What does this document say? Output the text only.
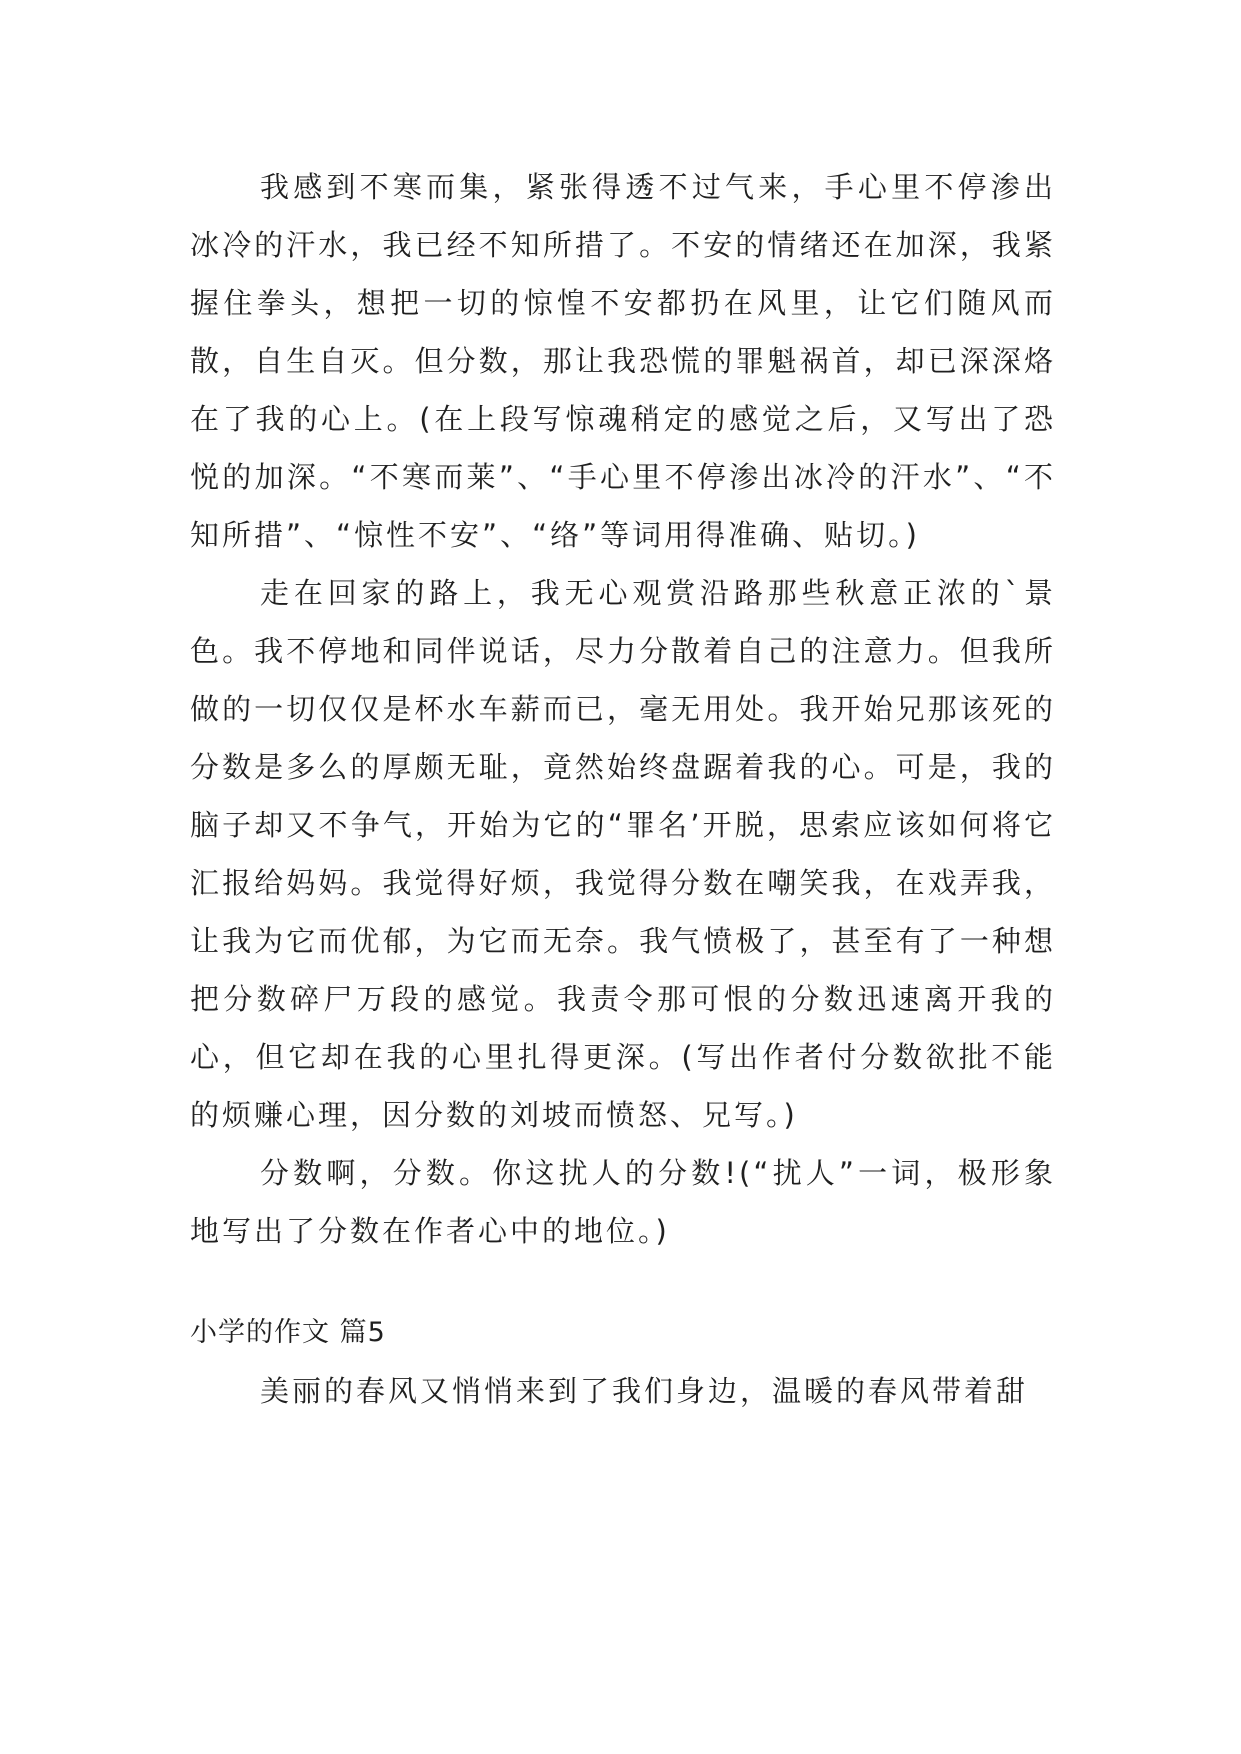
我感到不寒而集，紧张得透不过气来，手心里不停渗出冰冷的汗水，我已经不知所措了。不安的情绪还在加深，我紧握住拳头，想把一切的惊惶不安都扔在风里，让它们随风而散，自生自灭。但分数，那让我恐慌的罪魁祸首，却已深深烙在了我的心上。(在上段写惊魂稍定的感觉之后，又写出了恐悦的加深。“不寒而莱”、“手心里不停渗出冰冷的汗水”、“不知所措”、“惊性不安”、“络”等词用得准确、贴切。)

走在回家的路上，我无心观赏沿路那些秋意正浓的`景色。我不停地和同伴说话，尽力分散着自己的注意力。但我所做的一切仅仅是杯水车薪而已，毫无用处。我开始兄那该死的分数是多么的厚颇无耻，竟然始终盘踞着我的心。可是，我的脑子却又不争气，开始为它的“罪名’开脱，思索应该如何将它汇报给妈妈。我觉得好烦，我觉得分数在嘲笑我，在戏弄我，让我为它而优郁，为它而无奈。我气愤极了，甚至有了一种想把分数碎尸万段的感觉。我责令那可恨的分数迅速离开我的心，但它却在我的心里扎得更深。(写出作者付分数欲批不能的烦赚心理，因分数的刘坡而愤怒、兄写。)

分数啊，分数。你这扰人的分数!(“扰人”一词，极形象地写出了分数在作者心中的地位。)

小学的作文 篇5

美丽的春风又悄悄来到了我们身边，温暖的春风带着甜
